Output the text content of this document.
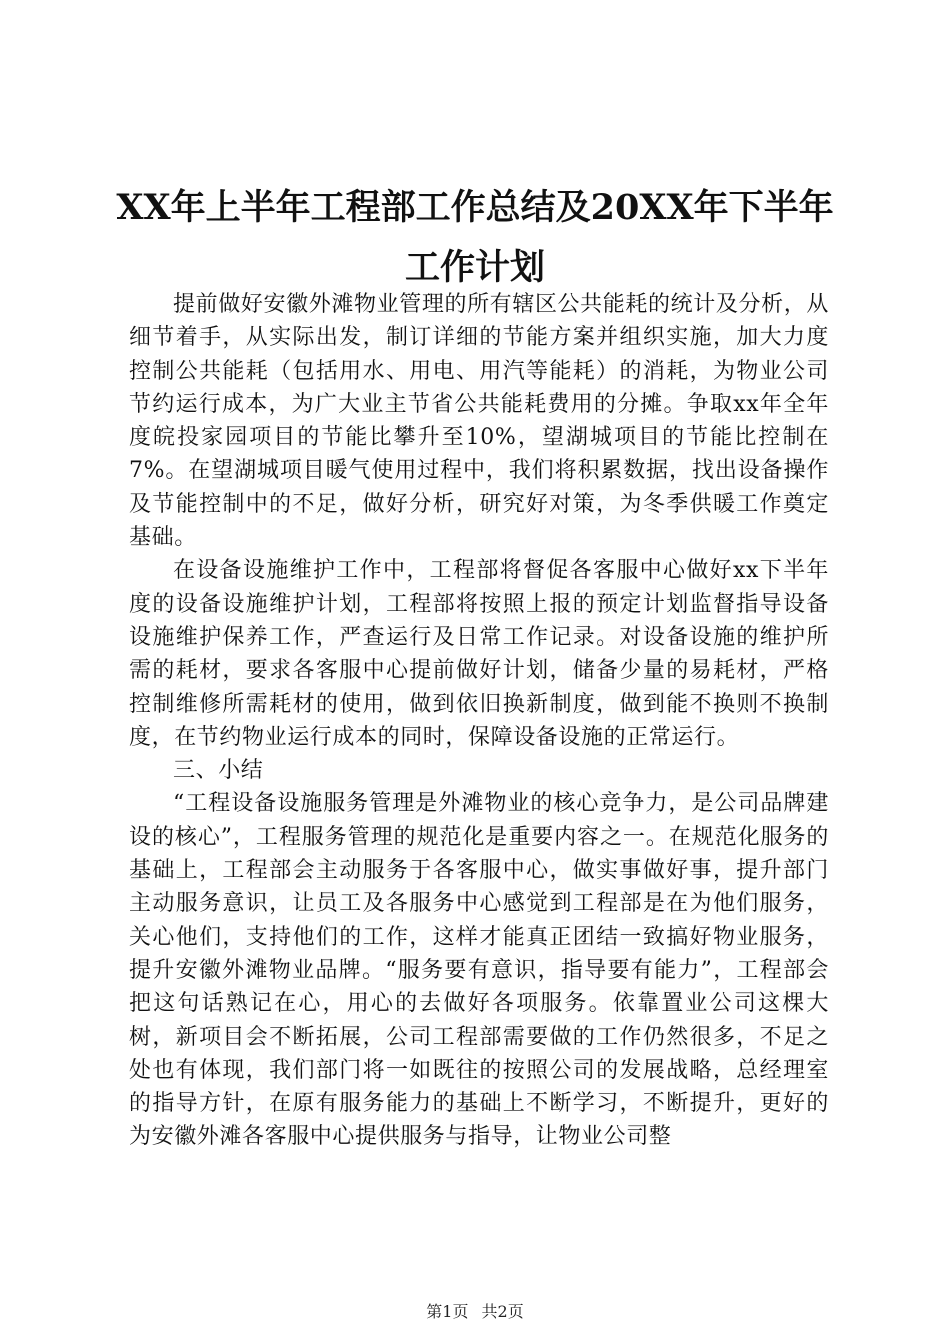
XX年上半年工程部工作总结及20XX年下半年
工作计划

提前做好安徽外滩物业管理的所有辖区公共能耗的统计及分析，从细节着手，从实际出发，制订详细的节能方案并组织实施，加大力度控制公共能耗（包括用水、用电、用汽等能耗）的消耗，为物业公司节约运行成本，为广大业主节省公共能耗费用的分摊。争取xx年全年度皖投家园项目的节能比攀升至10%，望湖城项目的节能比控制在7%。在望湖城项目暖气使用过程中，我们将积累数据，找出设备操作及节能控制中的不足，做好分析，研究好对策，为冬季供暖工作奠定基础。

在设备设施维护工作中，工程部将督促各客服中心做好xx下半年度的设备设施维护计划，工程部将按照上报的预定计划监督指导设备设施维护保养工作，严查运行及日常工作记录。对设备设施的维护所需的耗材，要求各客服中心提前做好计划，储备少量的易耗材，严格控制维修所需耗材的使用，做到依旧换新制度，做到能不换则不换制度，在节约物业运行成本的同时，保障设备设施的正常运行。

三、小结

“工程设备设施服务管理是外滩物业的核心竞争力，是公司品牌建设的核心”，工程服务管理的规范化是重要内容之一。在规范化服务的基础上，工程部会主动服务于各客服中心，做实事做好事，提升部门主动服务意识，让员工及各服务中心感觉到工程部是在为他们服务，关心他们，支持他们的工作，这样才能真正团结一致搞好物业服务，提升安徽外滩物业品牌。“服务要有意识，指导要有能力”，工程部会把这句话熟记在心，用心的去做好各项服务。依靠置业公司这棵大树，新项目会不断拓展，公司工程部需要做的工作仍然很多，不足之处也有体现，我们部门将一如既往的按照公司的发展战略，总经理室的指导方针，在原有服务能力的基础上不断学习，不断提升，更好的为安徽外滩各客服中心提供服务与指导，让物业公司整

第1页 共2页
